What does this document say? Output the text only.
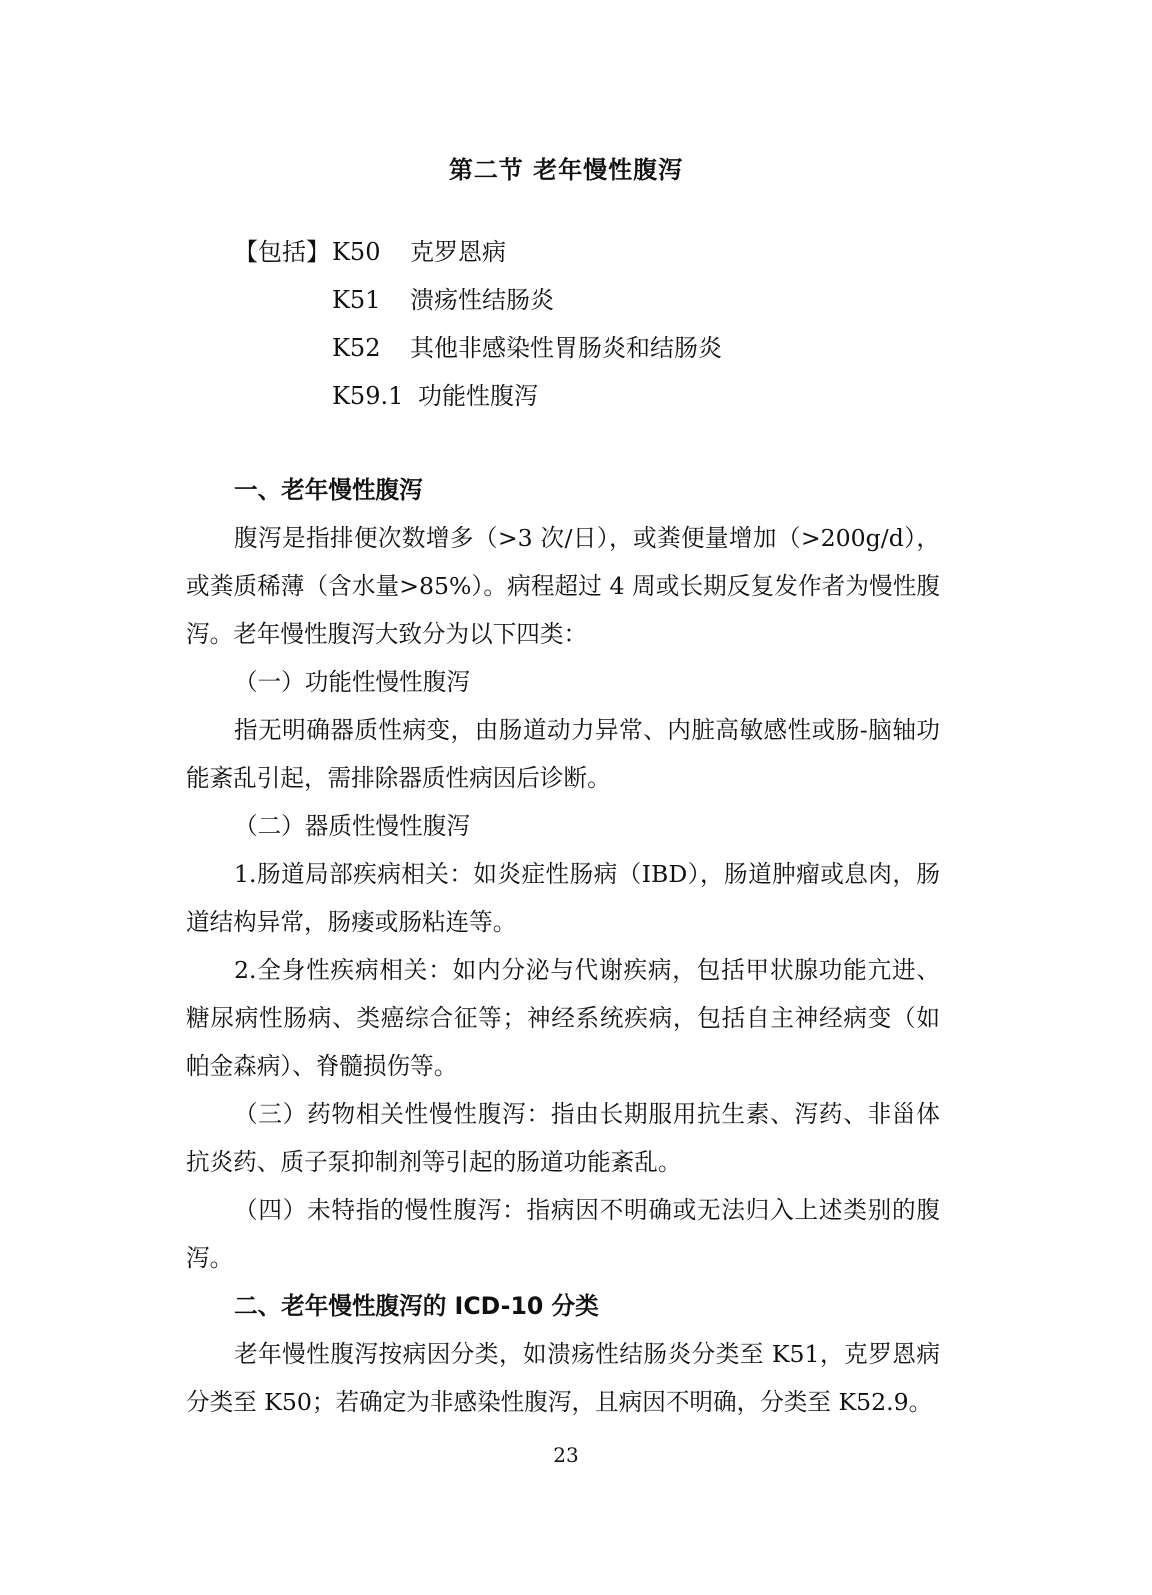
第二节 老年慢性腹泻
【包括】 K50	克罗恩病
K51	溃疡性结肠炎
K52	其他非感染性胃肠炎和结肠炎
K59.1 功能性腹泻
一、老年慢性腹泻

腹泻是指排便次数增多（>3 次/日），或粪便量增加（>200g/d），或粪质稀薄（含水量>85%）。病程超过 4 周或长期反复发作者为慢性腹泻。老年慢性腹泻大致分为以下四类：

（一）功能性慢性腹泻

指无明确器质性病变，由肠道动力异常、内脏高敏感性或肠-脑轴功能紊乱引起，需排除器质性病因后诊断。

（二）器质性慢性腹泻

1.肠道局部疾病相关：如炎症性肠病（IBD），肠道肿瘤或息肉，肠道结构异常，肠瘘或肠粘连等。

2.全身性疾病相关：如内分泌与代谢疾病，包括甲状腺功能亢进、糖尿病性肠病、类癌综合征等；神经系统疾病，包括自主神经病变（如帕金森病）、脊髓损伤等。

（三）药物相关性慢性腹泻：指由长期服用抗生素、泻药、非甾体抗炎药、质子泵抑制剂等引起的肠道功能紊乱。

（四）未特指的慢性腹泻：指病因不明确或无法归入上述类别的腹泻。

二、老年慢性腹泻的 ICD-10 分类

老年慢性腹泻按病因分类，如溃疡性结肠炎分类至 K51，克罗恩病分类至 K50；若确定为非感染性腹泻，且病因不明确，分类至 K52.9。

23
